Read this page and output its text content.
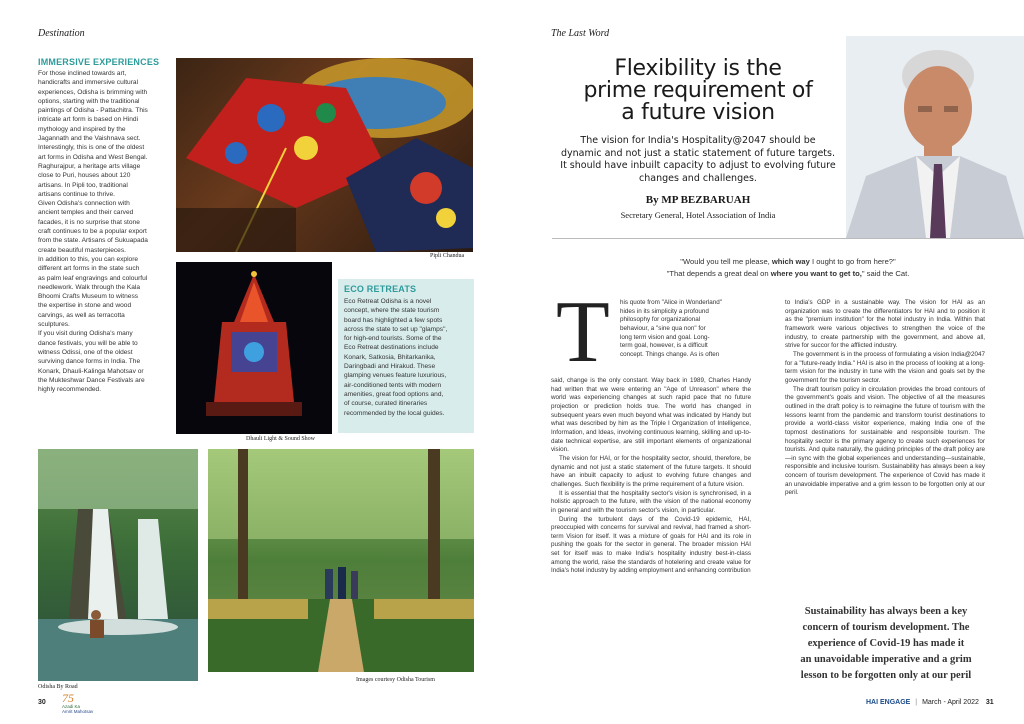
Destination
IMMERSIVE EXPERIENCES
For those inclined towards art,
handicrafts and immersive cultural
experiences, Odisha is brimming with
options, starting with the traditional
paintings of Odisha - Pattachitra. This
intricate art form is based on Hindi
mythology and inspired by the
Jagannath and the Vaishnava sect.
Interestingly, this is one of the oldest
art forms in Odisha and West Bengal.
Raghurajpur, a heritage arts village
close to Puri, houses about 120
artisans. In Pipli too, traditional
artisans continue to thrive.
Given Odisha's connection with
ancient temples and their carved
facades, it is no surprise that stone
craft continues to be a popular export
from the state. Artisans of Sukuapada
create beautiful masterpieces.
In addition to this, you can explore
different art forms in the state such
as palm leaf engravings and colourful
needlework. Walk through the Kala
Bhoomi Crafts Museum to witness
the expertise in stone and wood
carvings, as well as terracotta
sculptures.
If you visit during Odisha's many
dance festivals, you will be able to
witness Odissi, one of the oldest
surviving dance forms in India. The
Konark, Dhauli-Kalinga Mahotsav or
the Mukteshwar Dance Festivals are
highly recommended.
Pipli Chandua
Dhauli Light & Sound Show
ECO RETREATS
Eco Retreat Odisha is a novel
concept, where the state tourism
board has highlighted a few spots
across the state to set up "glamps",
for high-end tourists. Some of the
Eco Retreat destinations include
Konark, Satkosia, Bhitarkanika,
Daringbadi and Hirakud. These
glamping venues feature luxurious,
air-conditioned tents with modern
amenities, great food options and,
of course, curated itineraries
recommended by the local guides.
Odisha By Road
Images courtesy Odisha Tourism
30 75
Azadi Ka
Amrit Mahotsav
The Last Word
Flexibility is the
prime requirement of
a future vision
The vision for India's Hospitality@2047 should be
dynamic and not just a static statement of future targets.
It should have inbuilt capacity to adjust to evolving future
changes and challenges.
By MP BEZBARUAH
Secretary General, Hotel Association of India
"Would you tell me please, which way I ought to go from here?"
"That depends a great deal on where you want to get to," said the Cat.
T his quote from "Alice in Wonderland"
hides in its simplicity a profound
philosophy for organizational
behaviour, a "sine qua non" for
long term vision and goal. Long-
term goal, however, is a difficult
concept. Things change. As is often

said, change is the only constant. Way back in 1989, Charles Handy had written that we were entering an "Age of Unreason" where the world was experiencing changes at such rapid pace that no future projection or prediction holds true. The world has changed in subsequent years even much beyond what was indicated by Handy but what was described by him as the Triple I Organization of Intelligence, Information, and Ideas, involving continuous learning, skilling and up-to-date technical expertise, are still important elements of organizational vision.

The vision for HAI, or for the hospitality sector, should, therefore, be dynamic and not just a static statement of the future targets. It should have an inbuilt capacity to adjust to evolving future changes and challenges. Such flexibility is the prime requirement of a future vision.

It is essential that the hospitality sector's vision is synchronised, in a holistic approach to the future, with the vision of the national economy in general and with the tourism sector's vision, in particular.

During the turbulent days of the Covid-19 epidemic, HAI, preoccupied with concerns for survival and revival, had framed a short-term Vision for itself. It was a mixture of goals for HAI and its role in pushing the goals for the sector in general. The broader mission HAI set for itself was to make India's hospitality industry best-in-class among the world, raise the standards of hotelering and create value for India's hotel industry by adding employment and enhancing contribution

to India's GDP in a sustainable way. The vision for HAI as an organization was to create the differentiators for HAI and to position it as the "premium institution" for the hotel industry in India. Within that framework were various objectives to strengthen the voice of the industry, to create partnership with the government, and above all, strive for succor for the afflicted industry.

The government is in the process of formulating a vision India@2047 for a "future-ready India." HAI is also in the process of looking at a long-term vision for the industry in tune with the vision and goals set by the government for the tourism sector.

The draft tourism policy in circulation provides the broad contours of the government's goals and vision. The objective of all the measures outlined in the draft policy is to reimagine the future of tourism with the lessons learnt from the pandemic and transform tourist destinations to provide a world-class visitor experience, making India one of the topmost destinations for sustainable and responsible tourism. The hospitality sector is the primary agency to create such experiences for tourists. And quite naturally, the guiding principles of the draft policy are—in sync with the global experiences and understanding—sustainable, responsible and inclusive tourism. Sustainability has always been a key concern of tourism development. The experience of Covid has made it an unavoidable imperative and a grim lesson to be forgotten only at our peril.

Sustainability has always been a key
concern of tourism development. The
experience of Covid-19 has made it
an unavoidable imperative and a grim
lesson to be forgotten only at our peril
HAI ENGAGE | March - April 2022 31
